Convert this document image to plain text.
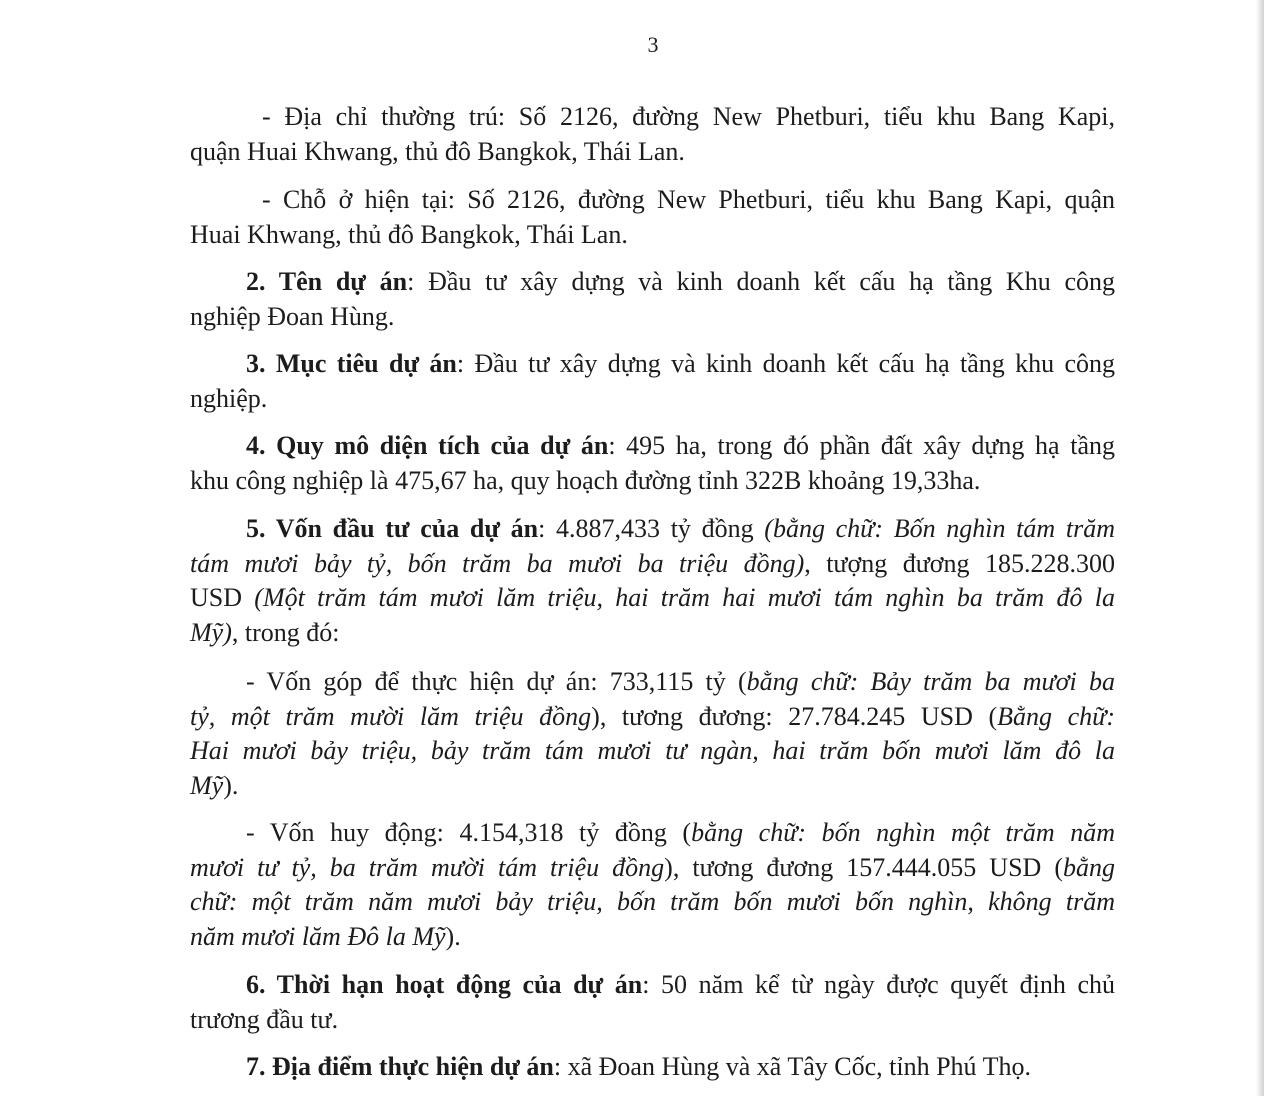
3
- Địa chỉ thường trú: Số 2126, đường New Phetburi, tiểu khu Bang Kapi,
quận Huai Khwang, thủ đô Bangkok, Thái Lan.
- Chỗ ở hiện tại: Số 2126, đường New Phetburi, tiểu khu Bang Kapi, quận
Huai Khwang, thủ đô Bangkok, Thái Lan.
2. Tên dự án: Đầu tư xây dựng và kinh doanh kết cấu hạ tầng Khu công
nghiệp Đoan Hùng.
3. Mục tiêu dự án: Đầu tư xây dựng và kinh doanh kết cấu hạ tầng khu công
nghiệp.
4. Quy mô diện tích của dự án: 495 ha, trong đó phần đất xây dựng hạ tầng
khu công nghiệp là 475,67 ha, quy hoạch đường tỉnh 322B khoảng 19,33ha.
5. Vốn đầu tư của dự án: 4.887,433 tỷ đồng (bằng chữ: Bốn nghìn tám trăm
tám mươi bảy tỷ, bốn trăm ba mươi ba triệu đồng), tượng đương 185.228.300
USD (Một trăm tám mươi lăm triệu, hai trăm hai mươi tám nghìn ba trăm đô la
Mỹ), trong đó:
- Vốn góp để thực hiện dự án: 733,115 tỷ (bằng chữ: Bảy trăm ba mươi ba
tỷ, một trăm mười lăm triệu đồng), tương đương: 27.784.245 USD (Bằng chữ:
Hai mươi bảy triệu, bảy trăm tám mươi tư ngàn, hai trăm bốn mươi lăm đô la
Mỹ).
- Vốn huy động: 4.154,318 tỷ đồng (bằng chữ: bốn nghìn một trăm năm
mươi tư tỷ, ba trăm mười tám triệu đồng), tương đương 157.444.055 USD (bằng
chữ: một trăm năm mươi bảy triệu, bốn trăm bốn mươi bốn nghìn, không trăm
năm mươi lăm Đô la Mỹ).
6. Thời hạn hoạt động của dự án: 50 năm kể từ ngày được quyết định chủ
trương đầu tư.
7. Địa điểm thực hiện dự án: xã Đoan Hùng và xã Tây Cốc, tỉnh Phú Thọ.
